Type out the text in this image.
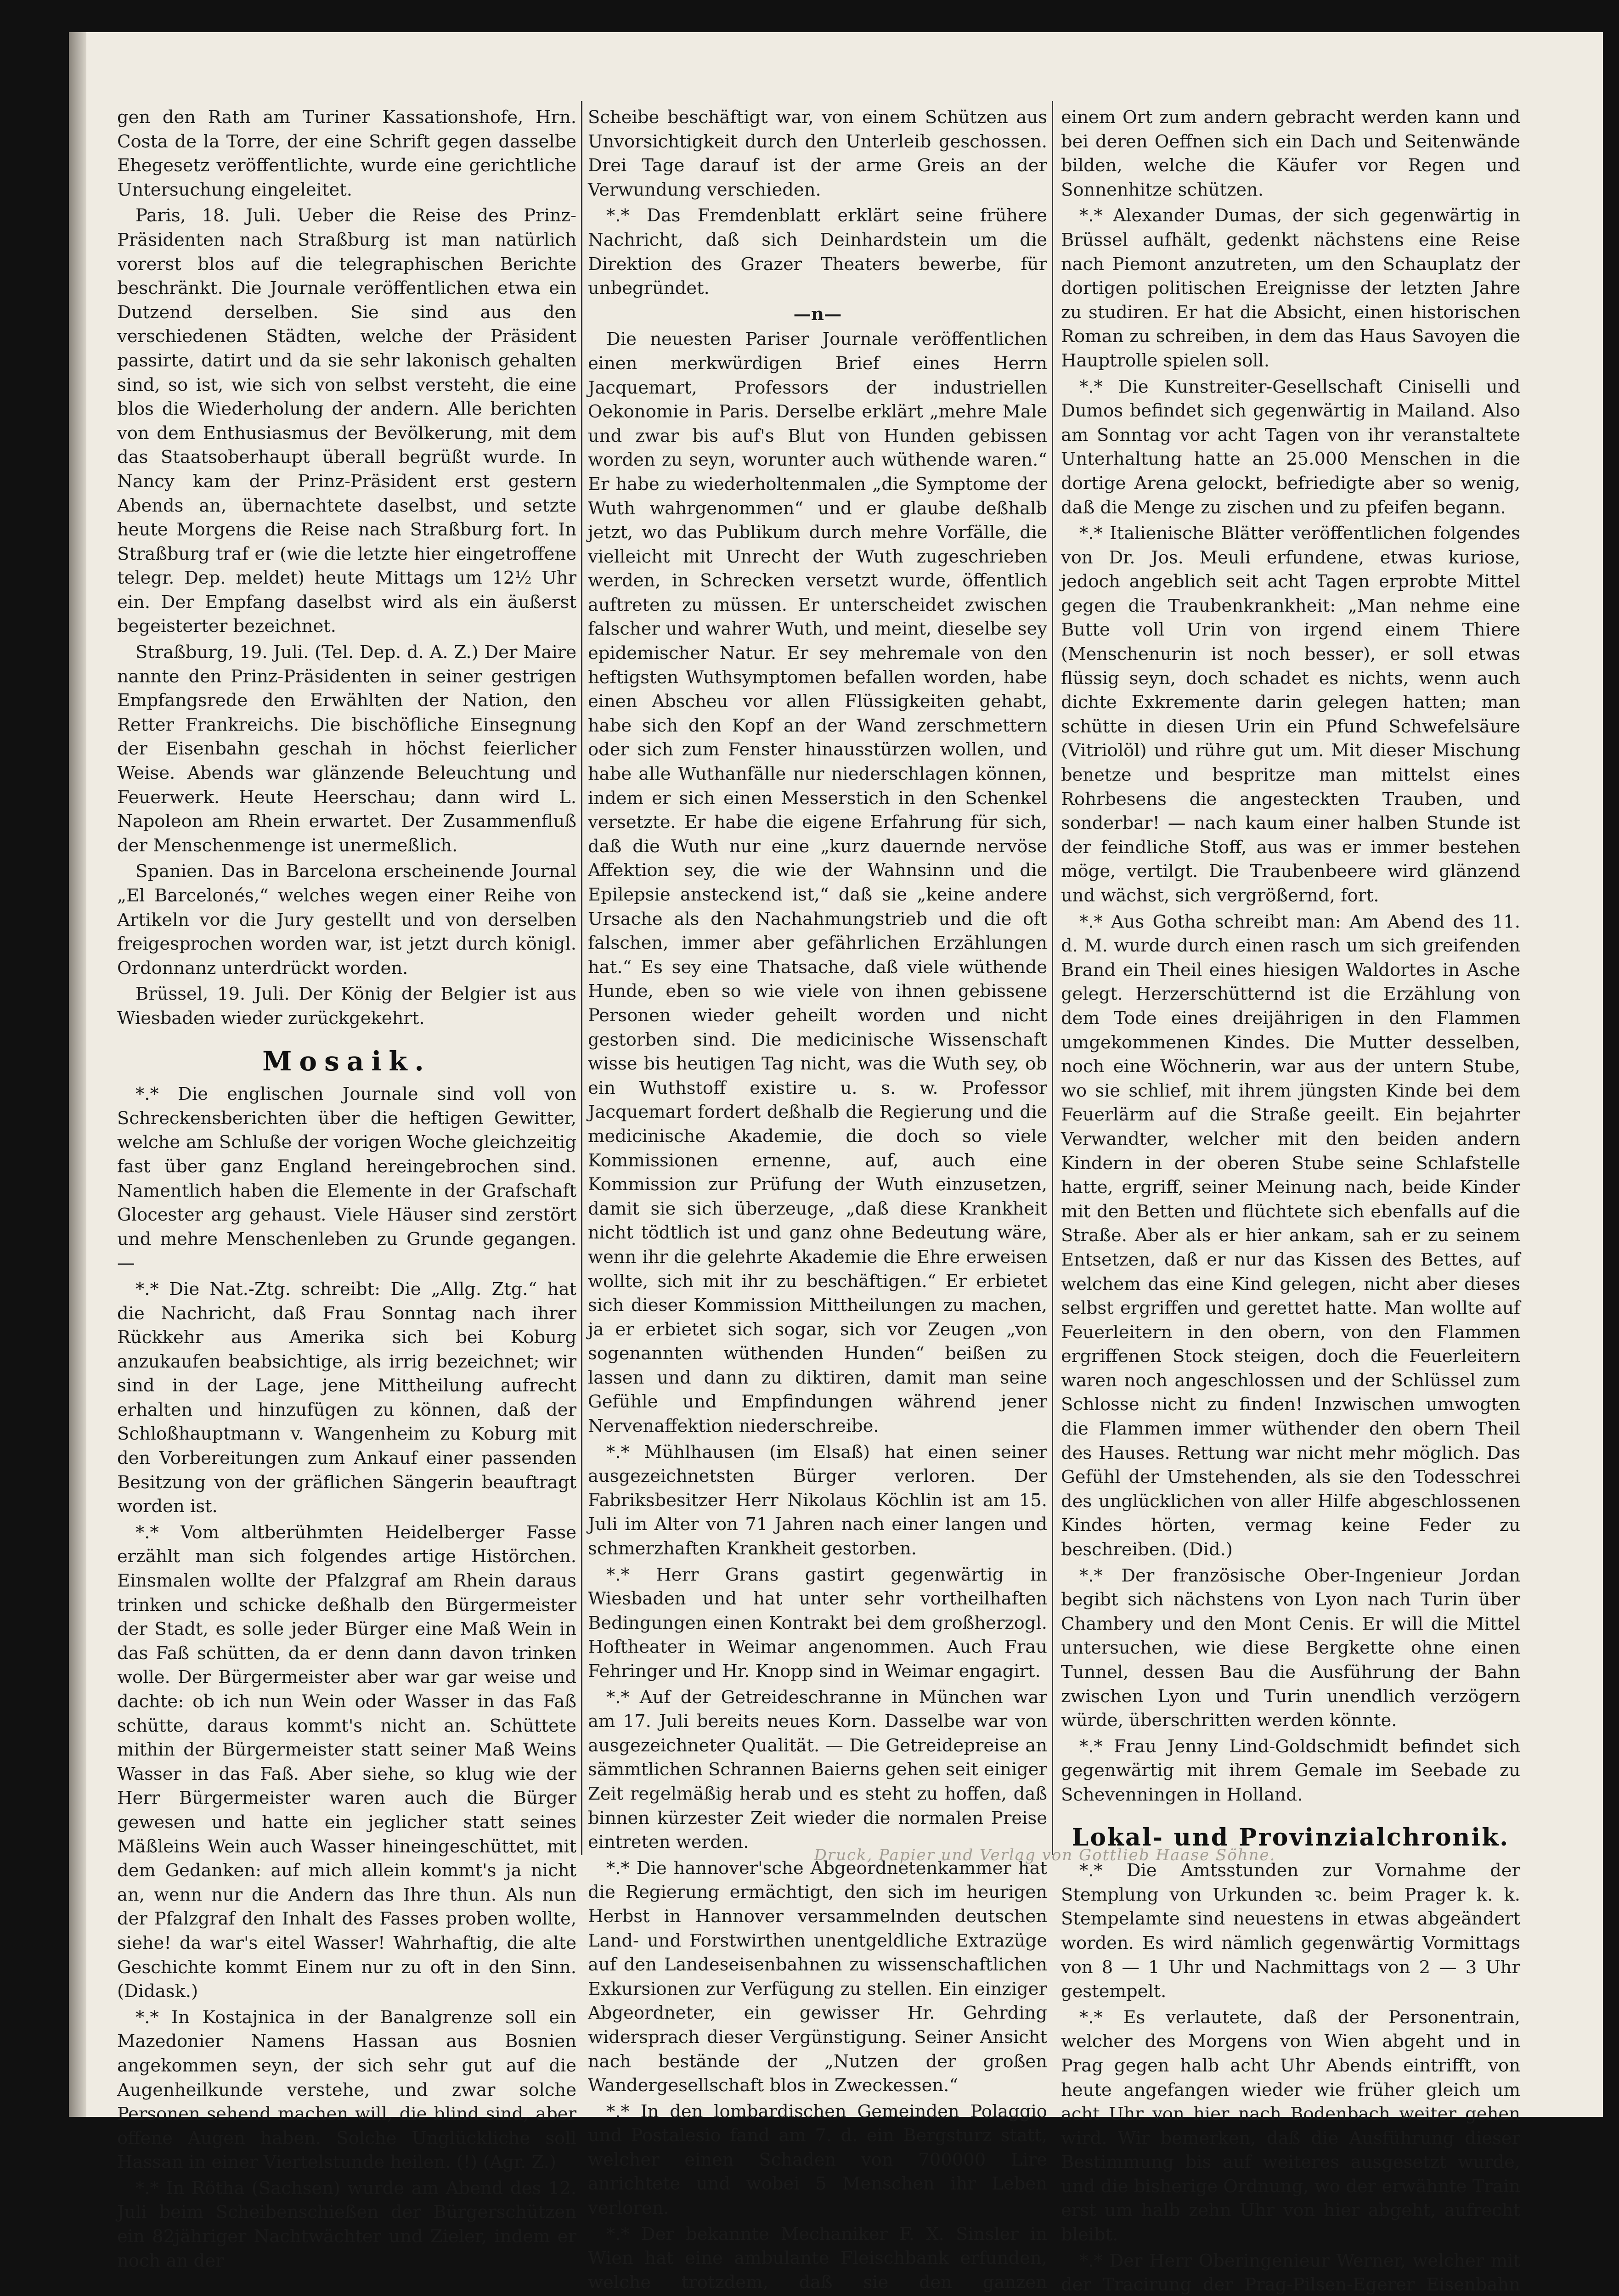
gen den Rath am Turiner Kassationshofe, Hrn. Costa de la Torre, der eine Schrift gegen dasselbe Ehegesetz veröffentlichte, wurde eine gerichtliche Untersuchung eingeleitet.

Paris, 18. Juli. Ueber die Reise des Prinz-Präsidenten nach Straßburg ist man natürlich vorerst blos auf die telegraphischen Berichte beschränkt. Die Journale veröffentlichen etwa ein Dutzend derselben. Sie sind aus den verschiedenen Städten, welche der Präsident passirte, datirt und da sie sehr lakonisch gehalten sind, so ist, wie sich von selbst versteht, die eine blos die Wiederholung der andern. Alle berichten von dem Enthusiasmus der Bevölkerung, mit dem das Staatsoberhaupt überall begrüßt wurde. In Nancy kam der Prinz-Präsident erst gestern Abends an, übernachtete daselbst, und setzte heute Morgens die Reise nach Straßburg fort. In Straßburg traf er (wie die letzte hier eingetroffene telegr. Dep. meldet) heute Mittags um 12½ Uhr ein. Der Empfang daselbst wird als ein äußerst begeisterter bezeichnet.

Straßburg, 19. Juli. (Tel. Dep. d. A. Z.) Der Maire nannte den Prinz-Präsidenten in seiner gestrigen Empfangsrede den Erwählten der Nation, den Retter Frankreichs. Die bischöfliche Einsegnung der Eisenbahn geschah in höchst feierlicher Weise. Abends war glänzende Beleuchtung und Feuerwerk. Heute Heerschau; dann wird L. Napoleon am Rhein erwartet. Der Zusammenfluß der Menschenmenge ist unermeßlich.

Spanien. Das in Barcelona erscheinende Journal „El Barcelonés,“ welches wegen einer Reihe von Artikeln vor die Jury gestellt und von derselben freigesprochen worden war, ist jetzt durch königl. Ordonnanz unterdrückt worden.

Brüssel, 19. Juli. Der König der Belgier ist aus Wiesbaden wieder zurückgekehrt.

Mosaik.

*.* Die englischen Journale sind voll von Schreckensberichten über die heftigen Gewitter, welche am Schluße der vorigen Woche gleichzeitig fast über ganz England hereingebrochen sind. Namentlich haben die Elemente in der Grafschaft Glocester arg gehaust. Viele Häuser sind zerstört und mehre Menschenleben zu Grunde gegangen. —

*.* Die Nat.-Ztg. schreibt: Die „Allg. Ztg.“ hat die Nachricht, daß Frau Sonntag nach ihrer Rückkehr aus Amerika sich bei Koburg anzukaufen beabsichtige, als irrig bezeichnet; wir sind in der Lage, jene Mittheilung aufrecht erhalten und hinzufügen zu können, daß der Schloßhauptmann v. Wangenheim zu Koburg mit den Vorbereitungen zum Ankauf einer passenden Besitzung von der gräflichen Sängerin beauftragt worden ist.

*.* Vom altberühmten Heidelberger Fasse erzählt man sich folgendes artige Histörchen. Einsmalen wollte der Pfalzgraf am Rhein daraus trinken und schicke deßhalb den Bürgermeister der Stadt, es solle jeder Bürger eine Maß Wein in das Faß schütten, da er denn dann davon trinken wolle. Der Bürgermeister aber war gar weise und dachte: ob ich nun Wein oder Wasser in das Faß schütte, daraus kommt's nicht an. Schüttete mithin der Bürgermeister statt seiner Maß Weins Wasser in das Faß. Aber siehe, so klug wie der Herr Bürgermeister waren auch die Bürger gewesen und hatte ein jeglicher statt seines Mäßleins Wein auch Wasser hineingeschüttet, mit dem Gedanken: auf mich allein kommt's ja nicht an, wenn nur die Andern das Ihre thun. Als nun der Pfalzgraf den Inhalt des Fasses proben wollte, siehe! da war's eitel Wasser! Wahrhaftig, die alte Geschichte kommt Einem nur zu oft in den Sinn. (Didask.)

*.* In Kostajnica in der Banalgrenze soll ein Mazedonier Namens Hassan aus Bosnien angekommen seyn, der sich sehr gut auf die Augenheilkunde verstehe, und zwar solche Personen sehend machen will, die blind sind, aber offene Augen haben. Solche Unglückliche soll Hassan in einer Viertelstunde heilen. (!) (Agr. Z.)

*.* In Rötha (Sachsen) wurde am Abend des 12. Juli beim Scheibenschießen der Bürgerschützen ein 82jähriger Nachtwächter und Zieler, indem er noch an der

Scheibe beschäftigt war, von einem Schützen aus Unvorsichtigkeit durch den Unterleib geschossen. Drei Tage darauf ist der arme Greis an der Verwundung verschieden.

*.* Das Fremdenblatt erklärt seine frühere Nachricht, daß sich Deinhardstein um die Direktion des Grazer Theaters bewerbe, für unbegründet.

—n—

Die neuesten Pariser Journale veröffentlichen einen merkwürdigen Brief eines Herrn Jacquemart, Professors der industriellen Oekonomie in Paris. Derselbe erklärt „mehre Male und zwar bis auf's Blut von Hunden gebissen worden zu seyn, worunter auch wüthende waren.“ Er habe zu wiederholtenmalen „die Symptome der Wuth wahrgenommen“ und er glaube deßhalb jetzt, wo das Publikum durch mehre Vorfälle, die vielleicht mit Unrecht der Wuth zugeschrieben werden, in Schrecken versetzt wurde, öffentlich auftreten zu müssen. Er unterscheidet zwischen falscher und wahrer Wuth, und meint, dieselbe sey epidemischer Natur. Er sey mehremale von den heftigsten Wuthsymptomen befallen worden, habe einen Abscheu vor allen Flüssigkeiten gehabt, habe sich den Kopf an der Wand zerschmettern oder sich zum Fenster hinausstürzen wollen, und habe alle Wuthanfälle nur niederschlagen können, indem er sich einen Messerstich in den Schenkel versetzte. Er habe die eigene Erfahrung für sich, daß die Wuth nur eine „kurz dauernde nervöse Affektion sey, die wie der Wahnsinn und die Epilepsie ansteckend ist,“ daß sie „keine andere Ursache als den Nachahmungstrieb und die oft falschen, immer aber gefährlichen Erzählungen hat.“ Es sey eine Thatsache, daß viele wüthende Hunde, eben so wie viele von ihnen gebissene Personen wieder geheilt worden und nicht gestorben sind. Die medicinische Wissenschaft wisse bis heutigen Tag nicht, was die Wuth sey, ob ein Wuthstoff existire u. s. w. Professor Jacquemart fordert deßhalb die Regierung und die medicinische Akademie, die doch so viele Kommissionen ernenne, auf, auch eine Kommission zur Prüfung der Wuth einzusetzen, damit sie sich überzeuge, „daß diese Krankheit nicht tödtlich ist und ganz ohne Bedeutung wäre, wenn ihr die gelehrte Akademie die Ehre erweisen wollte, sich mit ihr zu beschäftigen.“ Er erbietet sich dieser Kommission Mittheilungen zu machen, ja er erbietet sich sogar, sich vor Zeugen „von sogenannten wüthenden Hunden“ beißen zu lassen und dann zu diktiren, damit man seine Gefühle und Empfindungen während jener Nervenaffektion niederschreibe.

*.* Mühlhausen (im Elsaß) hat einen seiner ausgezeichnetsten Bürger verloren. Der Fabriksbesitzer Herr Nikolaus Köchlin ist am 15. Juli im Alter von 71 Jahren nach einer langen und schmerzhaften Krankheit gestorben.

*.* Herr Grans gastirt gegenwärtig in Wiesbaden und hat unter sehr vortheilhaften Bedingungen einen Kontrakt bei dem großherzogl. Hoftheater in Weimar angenommen. Auch Frau Fehringer und Hr. Knopp sind in Weimar engagirt.

*.* Auf der Getreideschranne in München war am 17. Juli bereits neues Korn. Dasselbe war von ausgezeichneter Qualität. — Die Getreidepreise an sämmtlichen Schrannen Baierns gehen seit einiger Zeit regelmäßig herab und es steht zu hoffen, daß binnen kürzester Zeit wieder die normalen Preise eintreten werden.

*.* Die hannover'sche Abgeordnetenkammer hat die Regierung ermächtigt, den sich im heurigen Herbst in Hannover versammelnden deutschen Land- und Forstwirthen unentgeldliche Extrazüge auf den Landeseisenbahnen zu wissenschaftlichen Exkursionen zur Verfügung zu stellen. Ein einziger Abgeordneter, ein gewisser Hr. Gehrding widersprach dieser Vergünstigung. Seiner Ansicht nach bestände der „Nutzen der großen Wandergesellschaft blos in Zweckessen.“

*.* In den lombardischen Gemeinden Polaggio und Postalesio fand am 7. d. ein Bergsturz statt, welcher einen Schaden von 700000 Lire anrichtete und wobei 5 Menschen ihr Leben verloren.

*.* Der bekannte Mechaniker F. X. Sinsler in Wien hat eine ambulante Fleischbank erfunden, welche trotzdem, daß sie den ganzen

einem Ort zum andern gebracht werden kann und bei deren Oeffnen sich ein Dach und Seitenwände bilden, welche die Käufer vor Regen und Sonnenhitze schützen.

*.* Alexander Dumas, der sich gegenwärtig in Brüssel aufhält, gedenkt nächstens eine Reise nach Piemont anzutreten, um den Schauplatz der dortigen politischen Ereignisse der letzten Jahre zu studiren. Er hat die Absicht, einen historischen Roman zu schreiben, in dem das Haus Savoyen die Hauptrolle spielen soll.

*.* Die Kunstreiter-Gesellschaft Ciniselli und Dumos befindet sich gegenwärtig in Mailand. Also am Sonntag vor acht Tagen von ihr veranstaltete Unterhaltung hatte an 25.000 Menschen in die dortige Arena gelockt, befriedigte aber so wenig, daß die Menge zu zischen und zu pfeifen begann.

*.* Italienische Blätter veröffentlichen folgendes von Dr. Jos. Meuli erfundene, etwas kuriose, jedoch angeblich seit acht Tagen erprobte Mittel gegen die Traubenkrankheit: „Man nehme eine Butte voll Urin von irgend einem Thiere (Menschenurin ist noch besser), er soll etwas flüssig seyn, doch schadet es nichts, wenn auch dichte Exkremente darin gelegen hatten; man schütte in diesen Urin ein Pfund Schwefelsäure (Vitriolöl) und rühre gut um. Mit dieser Mischung benetze und bespritze man mittelst eines Rohrbesens die angesteckten Trauben, und sonderbar! — nach kaum einer halben Stunde ist der feindliche Stoff, aus was er immer bestehen möge, vertilgt. Die Traubenbeere wird glänzend und wächst, sich vergrößernd, fort.

*.* Aus Gotha schreibt man: Am Abend des 11. d. M. wurde durch einen rasch um sich greifenden Brand ein Theil eines hiesigen Waldortes in Asche gelegt. Herzerschütternd ist die Erzählung von dem Tode eines dreijährigen in den Flammen umgekommenen Kindes. Die Mutter desselben, noch eine Wöchnerin, war aus der untern Stube, wo sie schlief, mit ihrem jüngsten Kinde bei dem Feuerlärm auf die Straße geeilt. Ein bejahrter Verwandter, welcher mit den beiden andern Kindern in der oberen Stube seine Schlafstelle hatte, ergriff, seiner Meinung nach, beide Kinder mit den Betten und flüchtete sich ebenfalls auf die Straße. Aber als er hier ankam, sah er zu seinem Entsetzen, daß er nur das Kissen des Bettes, auf welchem das eine Kind gelegen, nicht aber dieses selbst ergriffen und gerettet hatte. Man wollte auf Feuerleitern in den obern, von den Flammen ergriffenen Stock steigen, doch die Feuerleitern waren noch angeschlossen und der Schlüssel zum Schlosse nicht zu finden! Inzwischen umwogten die Flammen immer wüthender den obern Theil des Hauses. Rettung war nicht mehr möglich. Das Gefühl der Umstehenden, als sie den Todesschrei des unglücklichen von aller Hilfe abgeschlossenen Kindes hörten, vermag keine Feder zu beschreiben. (Did.)

*.* Der französische Ober-Ingenieur Jordan begibt sich nächstens von Lyon nach Turin über Chambery und den Mont Cenis. Er will die Mittel untersuchen, wie diese Bergkette ohne einen Tunnel, dessen Bau die Ausführung der Bahn zwischen Lyon und Turin unendlich verzögern würde, überschritten werden könnte.

*.* Frau Jenny Lind-Goldschmidt befindet sich gegenwärtig mit ihrem Gemale im Seebade zu Schevenningen in Holland.

Lokal- und Provinzialchronik.

*.* Die Amtsstunden zur Vornahme der Stemplung von Urkunden ꝛc. beim Prager k. k. Stempelamte sind neuestens in etwas abgeändert worden. Es wird nämlich gegenwärtig Vormittags von 8 — 1 Uhr und Nachmittags von 2 — 3 Uhr gestempelt.

*.* Es verlautete, daß der Personentrain, welcher des Morgens von Wien abgeht und in Prag gegen halb acht Uhr Abends eintrifft, von heute angefangen wieder wie früher gleich um acht Uhr von hier nach Bodenbach weiter gehen wird. Wir bemerken, daß die Ausführung dieser Bestimmung bis auf weiteres ausgesetzt wurde, und die bisherige Ordnung, wo der erwähnte Train erst um halb zehn Uhr von hier abgeht, aufrecht bleibt.

*.* Der Herr Oberingenieur Werner, welcher mit der Tracirung der Prag-Pilsen-Egerer Eisenbahn

Druck, Papier und Verlag von Gottlieb Haase Söhne.
